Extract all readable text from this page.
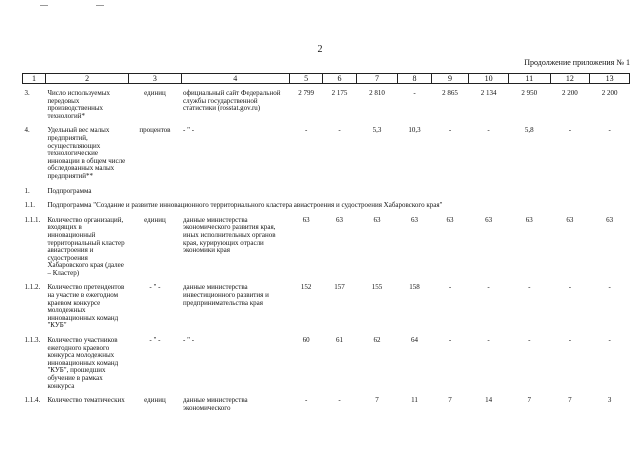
2
Продолжение приложения № 1
1	2	3	4	5	6	7	8	9	10	11	12	13

3.	Число используемых передовых производственных технологий*	единиц	официальный сайт Федеральной службы государственной статистики (rosstat.gov.ru)	2 799	2 175	2 810	-	2 865	2 134	2 950	2 200	2 200

4.	Удельный вес малых предприятий, осуществляющих технологические инновации в общем числе обследованных малых предприятий**	процентов	- " -	-	-	5,3	10,3	-	-	5,8	-	-

1.	Подпрограмма											

1.1.	Подпрограмма "Создание и развитие инновационного территориального кластера авиастроения и судостроения Хабаровского края"											

1.1.1.	Количество организаций, входящих в инновационный территориальный кластер авиастроения и судостроения Хабаровского края (далее – Кластер)	единиц	данные министерства экономического развития края, иных исполнительных органов края, курирующих отрасли экономики края	63	63	63	63	63	63	63	63	63

1.1.2.	Количество претендентов на участие в ежегодном краевом конкурсе молодежных инновационных команд "КУБ"	- " -	данные министерства инвестиционного развития и предпринимательства края	152	157	155	158	-	-	-	-	-

1.1.3.	Количество участников ежегодного краевого конкурса молодежных инновационных команд "КУБ", прошедших обучение в рамках конкурса	- " -	- " -	60	61	62	64	-	-	-	-	-

1.1.4.	Количество тематических	единиц	данные министерства экономического	-	-	7	11	7	14	7	7	3
